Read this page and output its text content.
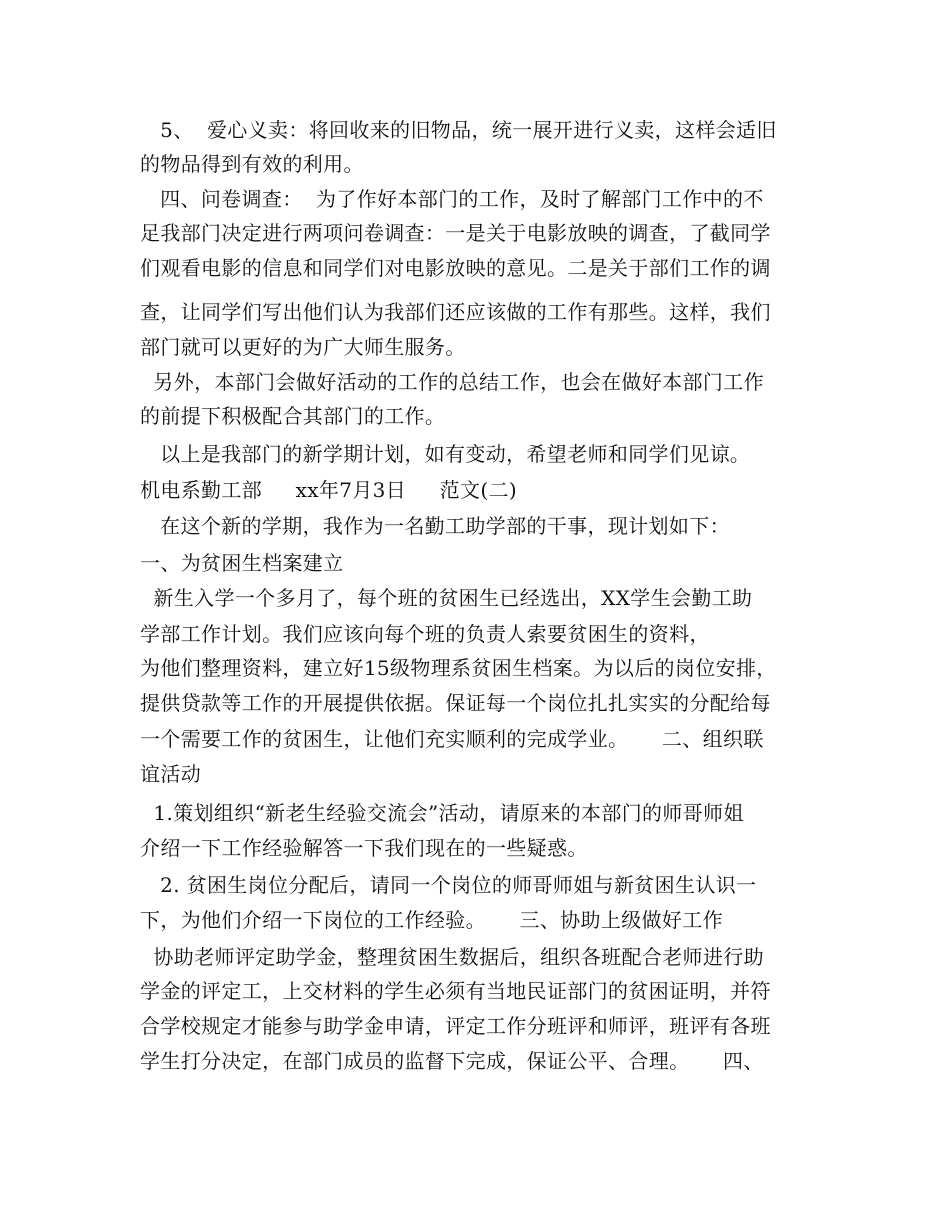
5、  爱心义卖：将回收来的旧物品，统一展开进行义卖，这样会适旧
的物品得到有效的利用。
四、问卷调查：  为了作好本部门的工作，及时了解部门工作中的不
足我部门决定进行两项问卷调查：一是关于电影放映的调查，了截同学
们观看电影的信息和同学们对电影放映的意见。二是关于部们工作的调
查，让同学们写出他们认为我部们还应该做的工作有那些。这样，我们
部门就可以更好的为广大师生服务。
另外，本部门会做好活动的工作的总结工作，也会在做好本部门工作
的前提下积极配合其部门的工作。
以上是我部门的新学期计划，如有变动，希望老师和同学们见谅。
机电系勤工部     xx年7月3日     范文(二)
在这个新的学期，我作为一名勤工助学部的干事，现计划如下：
一、为贫困生档案建立
新生入学一个多月了，每个班的贫困生已经选出，XX学生会勤工助
学部工作计划。我们应该向每个班的负责人索要贫困生的资料，
为他们整理资料，建立好15级物理系贫困生档案。为以后的岗位安排，
提供贷款等工作的开展提供依据。保证每一个岗位扎扎实实的分配给每
一个需要工作的贫困生，让他们充实顺利的完成学业。     二、组织联
谊活动
1.策划组织“新老生经验交流会”活动，请原来的本部门的师哥师姐
介绍一下工作经验解答一下我们现在的一些疑惑。
2. 贫困生岗位分配后，请同一个岗位的师哥师姐与新贫困生认识一
下，为他们介绍一下岗位的工作经验。     三、协助上级做好工作
协助老师评定助学金，整理贫困生数据后，组织各班配合老师进行助
学金的评定工，上交材料的学生必须有当地民证部门的贫困证明，并符
合学校规定才能参与助学金申请，评定工作分班评和师评，班评有各班
学生打分决定，在部门成员的监督下完成，保证公平、合理。     四、
